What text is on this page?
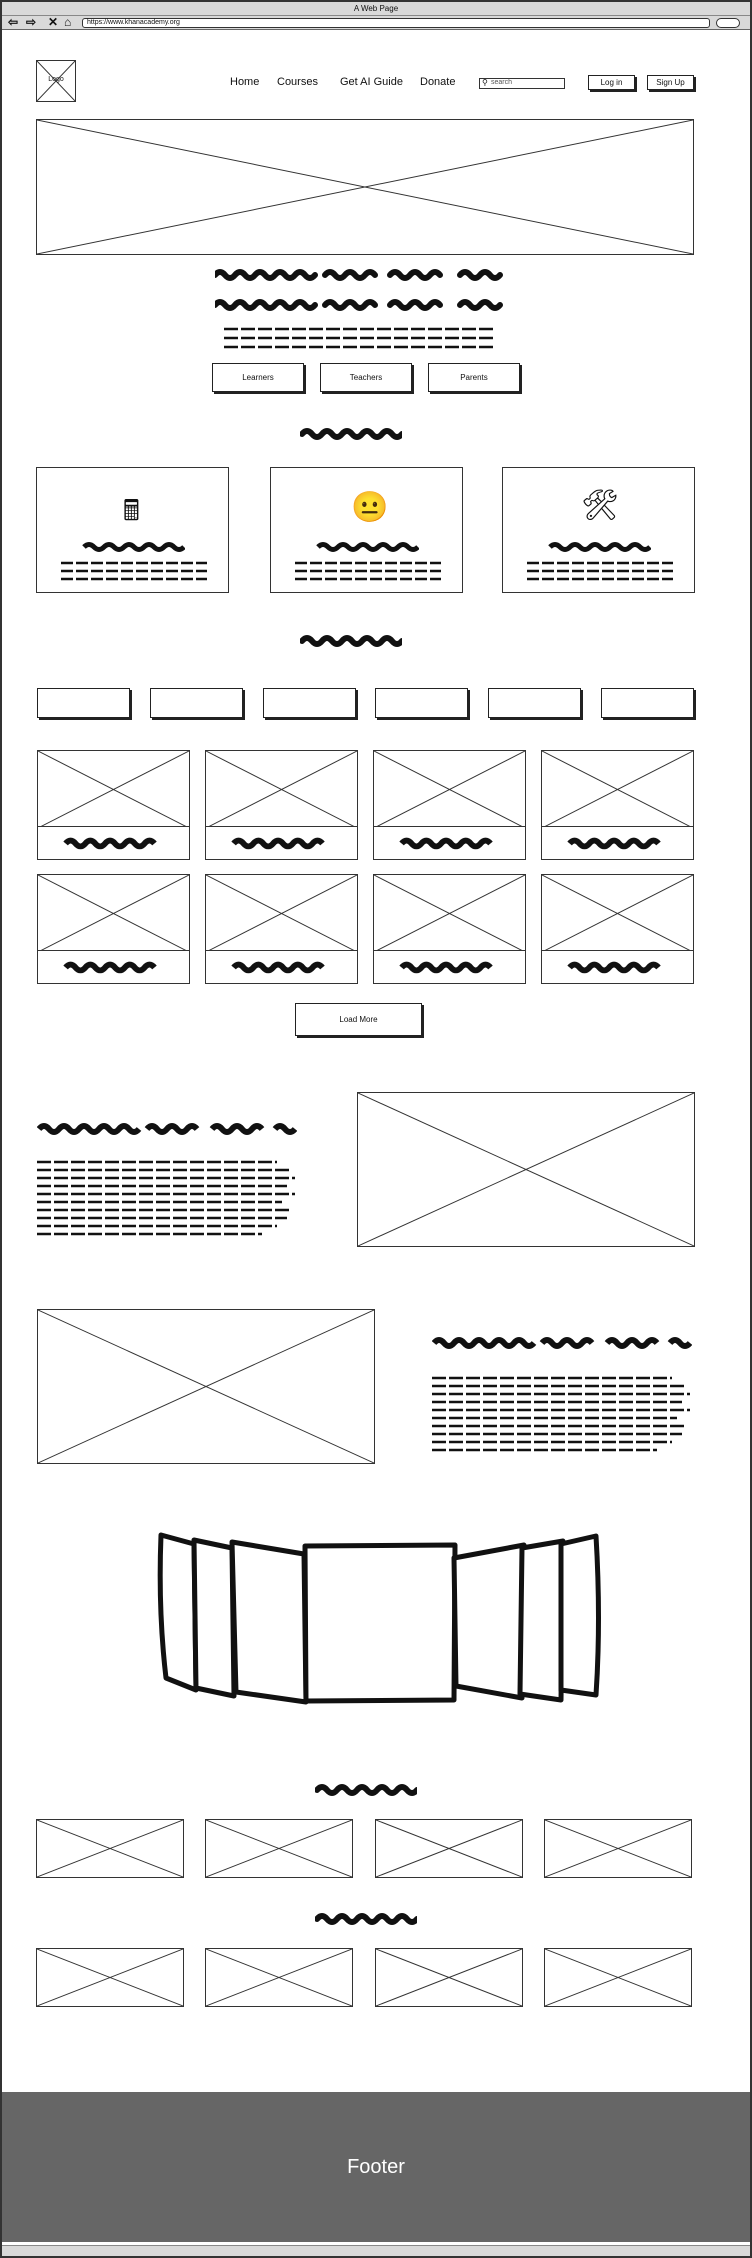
A Web Page
⇦ ⇨ ✕ ⌂	https://www.khanacademy.org
Logo	Home Courses Get AI Guide Donate	⚲ search	Log in	Sign Up
Learners	Teachers	Parents
🖩	😐	🛠
Load More
Footer
